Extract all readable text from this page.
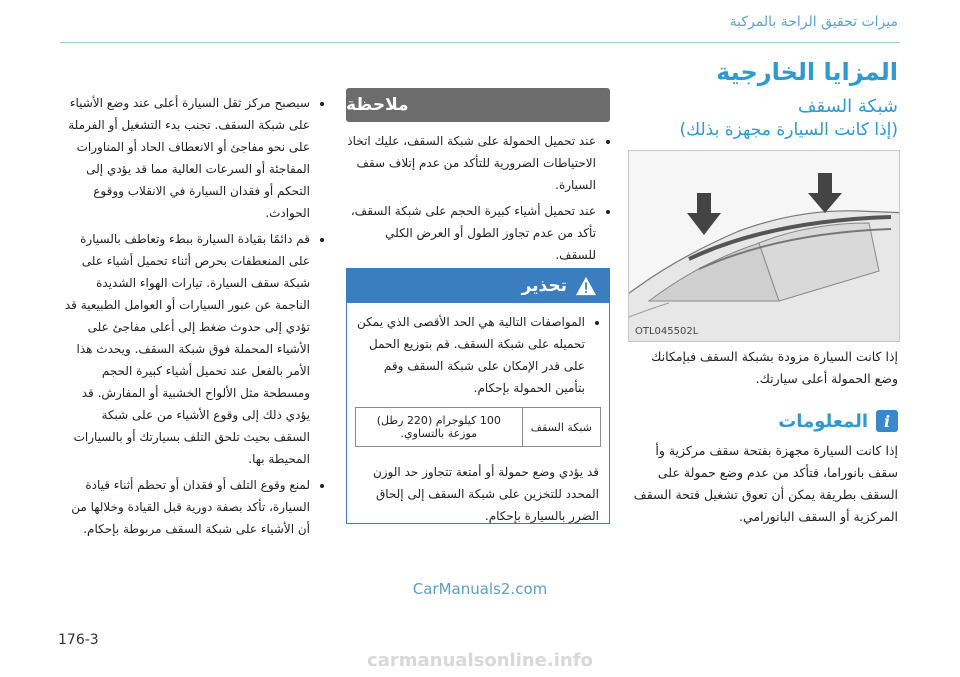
ميزات تحقيق الراحة بالمركبة
المزايا الخارجية
شبكة السقف
(إذا كانت السيارة مجهزة بذلك)
OTL045502L
إذا كانت السيارة مزودة بشبكة السقف فبإمكانك وضع الحمولة أعلى سيارتك.
i
المعلومات
إذا كانت السيارة مجهزة بفتحة سقف مركزية وأ سقف بانوراما، فتأكد من عدم وضع حمولة على السقف بطريقة يمكن أن تعوق تشغيل فتحة السقف المركزية أو السقف البانورامي.
ملاحظة
• عند تحميل الحمولة على شبكة السقف، عليك اتخاذ الاحتياطات الضرورية للتأكد من عدم إتلاف سقف السيارة.
• عند تحميل أشياء كبيرة الحجم على شبكة السقف، تأكد من عدم تجاوز الطول أو العرض الكلي للسقف.
تحذير
• المواصفات التالية هي الحد الأقصى الذي يمكن تحميله على شبكة السقف. قم بتوزيع الحمل على قدر الإمكان على شبكة السقف وقم بتأمين الحمولة بإحكام.
شبكة السقف	100 كيلوجرام (220 رطل) موزعة بالتساوي.
قد يؤدي وضع حمولة أو أمتعة تتجاوز حد الوزن المحدد للتخزين على شبكة السقف إلى إلحاق الضرر بالسيارة بإحكام.
• سيصبح مركز ثقل السيارة أعلى عند وضع الأشياء على شبكة السقف. تجنب بدء التشغيل أو الفرملة على نحو مفاجئ أو الانعطاف الحاد أو المناورات المفاجئة أو السرعات العالية مما قد يؤدي إلى التحكم أو فقدان السيارة في الانقلاب ووقوع الحوادث.
• قم دائمًا بقيادة السيارة ببطء وتعاطف بالسيارة على المنعطفات بحرص أثناء تحميل أشياء على شبكة سقف السيارة. تيارات الهواء الشديدة الناجمة عن عبور السيارات أو العوامل الطبيعية قد تؤدي إلى حدوث ضغط إلى أعلى مفاجئ على الأشياء المحملة فوق شبكة السقف. ويحدث هذا الأمر بالفعل عند تحميل أشياء كبيرة الحجم ومسطحة مثل الألواح الخشبية أو المفارش. قد يؤدي ذلك إلى وقوع الأشياء من على شبكة السقف بحيث تلحق التلف بسيارتك أو بالسيارات المحيطة بها.
• لمنع وقوع التلف أو فقدان أو تحطم أثناء قيادة السيارة، تأكد بصفة دورية قبل القيادة وخلالها من أن الأشياء على شبكة السقف مربوطة بإحكام.
CarManuals2.com
176-3
carmanualsonline.info
